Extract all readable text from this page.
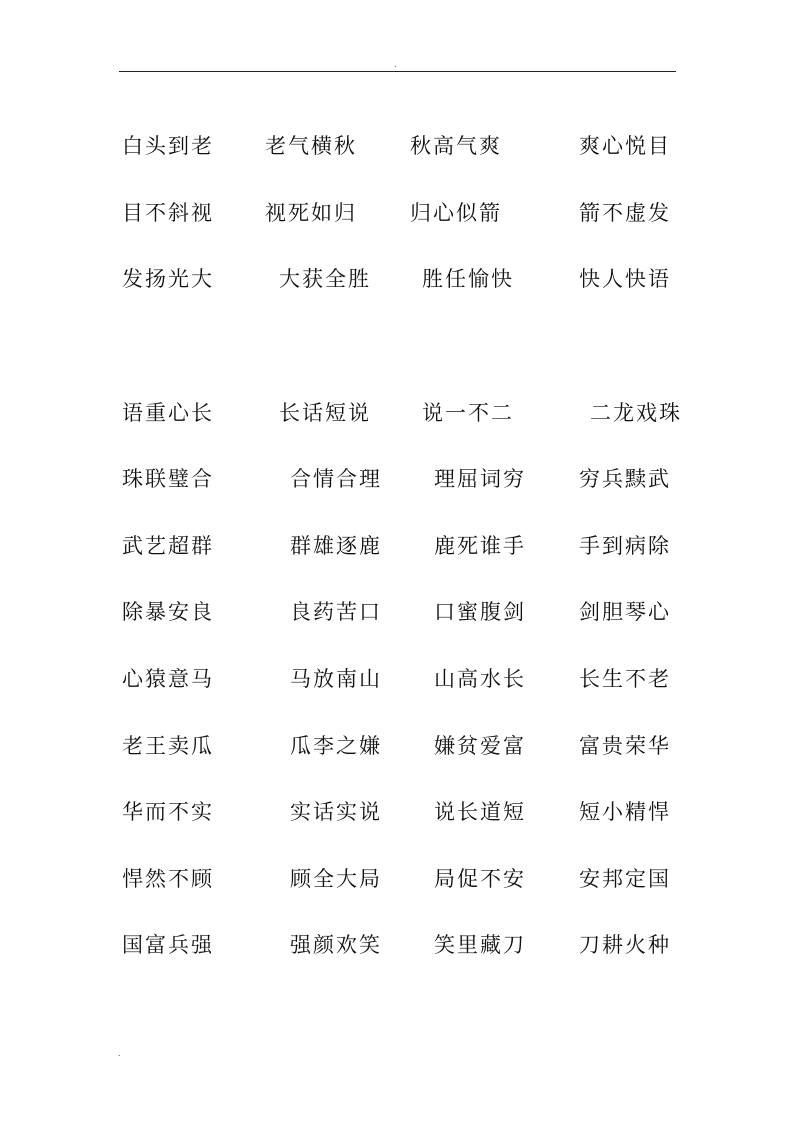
.
白头到老 老气横秋	秋高气爽	爽心悦目
目不斜视 视死如归	归心似箭	箭不虚发
发扬光大	大获全胜 胜任愉快	快人快语
语重心长	长话短说 说一不二	二龙戏珠
珠联璧合	合情合理 理屈词穷	穷兵黩武
武艺超群	群雄逐鹿 鹿死谁手	手到病除
除暴安良	良药苦口 口蜜腹剑	剑胆琴心
心猿意马	马放南山 山高水长	长生不老
老王卖瓜	瓜李之嫌 嫌贫爱富	富贵荣华
华而不实	实话实说 说长道短	短小精悍
悍然不顾	顾全大局 局促不安	安邦定国
国富兵强	强颜欢笑 笑里藏刀	刀耕火种
.
